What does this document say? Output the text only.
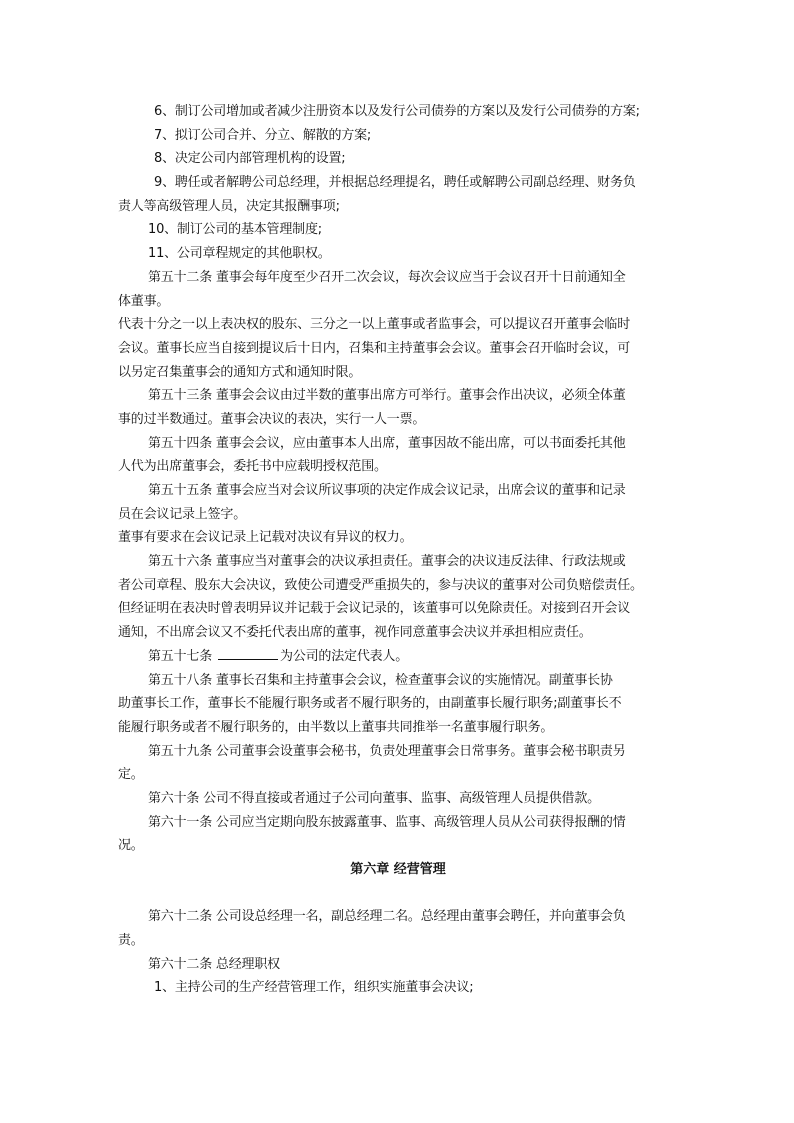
6、制订公司增加或者减少注册资本以及发行公司债券的方案以及发行公司债券的方案;
7、拟订公司合并、分立、解散的方案;
8、决定公司内部管理机构的设置;
9、聘任或者解聘公司总经理，并根据总经理提名，聘任或解聘公司副总经理、财务负
责人等高级管理人员，决定其报酬事项;
10、制订公司的基本管理制度;
11、公司章程规定的其他职权。
第五十二条 董事会每年度至少召开二次会议，每次会议应当于会议召开十日前通知全
体董事。
代表十分之一以上表决权的股东、三分之一以上董事或者监事会，可以提议召开董事会临时
会议。董事长应当自接到提议后十日内，召集和主持董事会会议。董事会召开临时会议，可
以另定召集董事会的通知方式和通知时限。
第五十三条 董事会会议由过半数的董事出席方可举行。董事会作出决议，必须全体董
事的过半数通过。董事会决议的表决，实行一人一票。
第五十四条 董事会会议，应由董事本人出席，董事因故不能出席，可以书面委托其他
人代为出席董事会，委托书中应载明授权范围。
第五十五条 董事会应当对会议所议事项的决定作成会议记录，出席会议的董事和记录
员在会议记录上签字。
董事有要求在会议记录上记载对决议有异议的权力。
第五十六条 董事应当对董事会的决议承担责任。董事会的决议违反法律、行政法规或
者公司章程、股东大会决议，致使公司遭受严重损失的，参与决议的董事对公司负赔偿责任。
但经证明在表决时曾表明异议并记载于会议记录的，该董事可以免除责任。对接到召开会议
通知，不出席会议又不委托代表出席的董事，视作同意董事会决议并承担相应责任。
第五十七条	为公司的法定代表人。
第五十八条 董事长召集和主持董事会会议，检查董事会议的实施情况。副董事长协
助董事长工作，董事长不能履行职务或者不履行职务的，由副董事长履行职务;副董事长不
能履行职务或者不履行职务的，由半数以上董事共同推举一名董事履行职务。
第五十九条 公司董事会设董事会秘书，负责处理董事会日常事务。董事会秘书职责另
定。
第六十条 公司不得直接或者通过子公司向董事、监事、高级管理人员提供借款。
第六十一条 公司应当定期向股东披露董事、监事、高级管理人员从公司获得报酬的情
况。
第六章 经营管理
第六十二条 公司设总经理一名，副总经理二名。总经理由董事会聘任，并向董事会负
责。
第六十二条 总经理职权
1、主持公司的生产经营管理工作，组织实施董事会决议;
